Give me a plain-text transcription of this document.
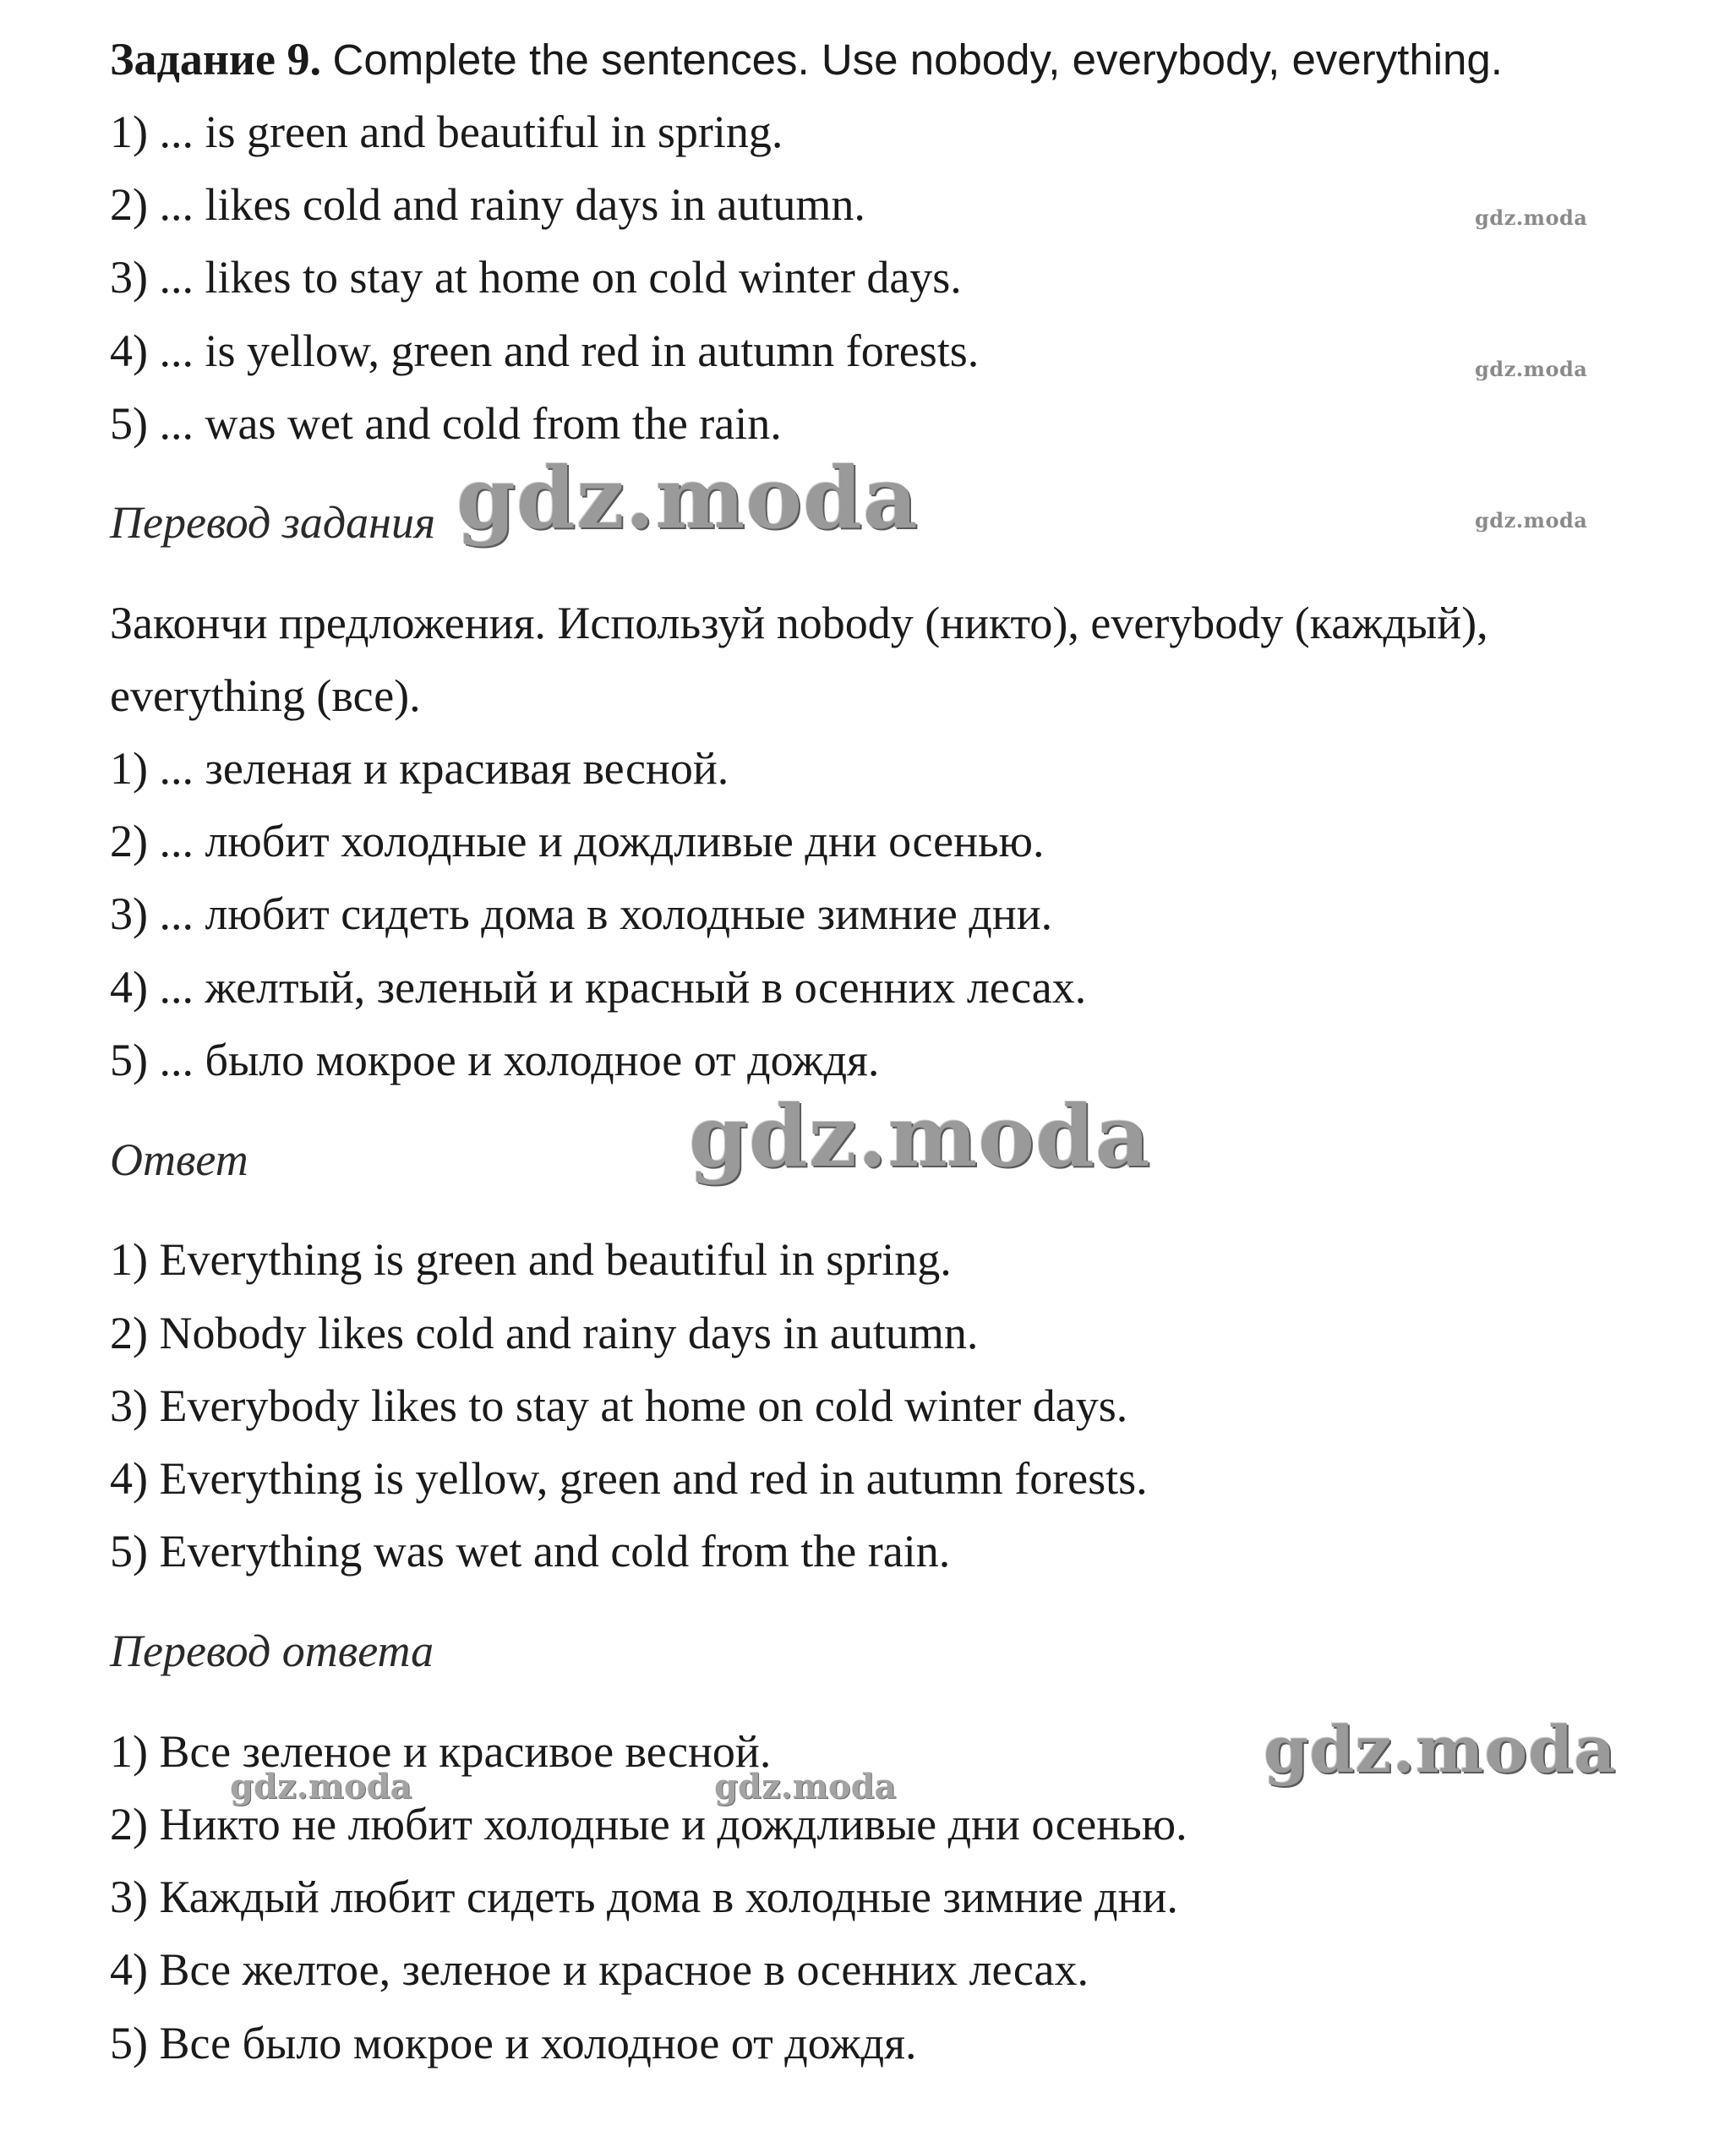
Задание 9. Complete the sentences. Use nobody, everybody, everything.
1) ... is green and beautiful in spring.
2) ... likes cold and rainy days in autumn.
3) ... likes to stay at home on cold winter days.
4) ... is yellow, green and red in autumn forests.
5) ... was wet and cold from the rain.
Перевод задания
Закончи предложения. Используй nobody (никто), everybody (каждый),
everything (все).
1) ... зеленая и красивая весной.
2) ... любит холодные и дождливые дни осенью.
3) ... любит сидеть дома в холодные зимние дни.
4) ... желтый, зеленый и красный в осенних лесах.
5) ... было мокрое и холодное от дождя.
Ответ
1) Everything is green and beautiful in spring.
2) Nobody likes cold and rainy days in autumn.
3) Everybody likes to stay at home on cold winter days.
4) Everything is yellow, green and red in autumn forests.
5) Everything was wet and cold from the rain.
Перевод ответа
1) Все зеленое и красивое весной.
2) Никто не любит холодные и дождливые дни осенью.
3) Каждый любит сидеть дома в холодные зимние дни.
4) Все желтое, зеленое и красное в осенних лесах.
5) Все было мокрое и холодное от дождя.
gdz.moda
gdz.moda
gdz.moda
gdz.moda
gdz.moda
gdz.moda
gdz.moda	gdz.moda
